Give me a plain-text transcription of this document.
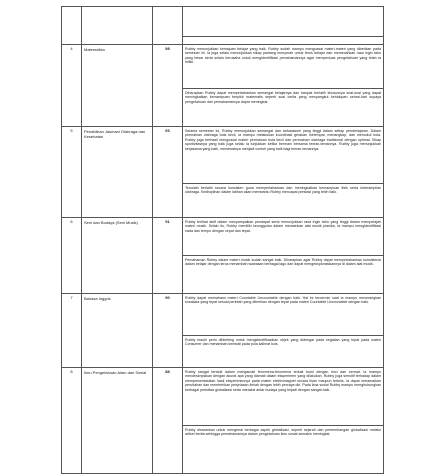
4	Matematika	98	Rubby menunjukkan kemajuan belajar yang baik. Rubby sudah mampu menguasai materi-materi yang diberikan pada semester ini. Ia juga selalu menunjukkan sikap pantang menyerah untuk terus belajar dan memecahkan rasa ingin tahu yang besar serta selalu berusaha untuk mengidentifikasi pemahamannya agar memperluas pengetahuan yang telah ia miliki.
			Diharapkan Rubby dapat mempertahankan semangat belajarnya dan banyak berlatih khususnya soal-soal yang dapat meningkatkan kemampuan berpikir matematis seperti soal cerita yang menyangkut kehidupan sehari-hari supaya pengetahuan dan pemahamannya dapat meningkat.

5	Pendidikan Jasmani Olahraga dan Kesehatan	93	Selama semester ini, Rubby menunjukkan semangat dan antusiasme yang tinggi dalam setiap pembelajaran. Dalam permainan olahraga bola kecil, ia mampu melakukan koordinasi gerakan melempar, menangkap, dan memukul bola. Rubby juga berhasil menguasai materi permainan bola kecil dan permainan olahraga tradisional dengan optimal. Sikap sportivitasnya yang baik juga selalu ia tunjukkan ketika bermain bersama teman-temannya. Rubby juga menunjukkan kerjasama yang baik, membuatnya menjadi contoh yang baik bagi teman-temannya.
			Teruslah berlatih secara konsisten guna mempertahankan dan meningkatkan kemampuan fisik serta keterampilan olahraga. Kedisiplinan dalam latihan akan membantu Rubby mencapai prestasi yang lebih baik.

6	Seni dan Budaya (Seni Musik)	91	Rubby terlihat aktif dalam menyampaikan pendapat serta menunjukkan rasa ingin tahu yang tinggi dalam mempelajari materi musik. Selain itu, Rubby memiliki keunggulan dalam memainkan alat musik pianika, ia mampu mengidentifikasi nada dan tempo dengan cepat dan tepat.
			Pemahaman Rubby dalam materi musik sudah sangat baik. Diharapkan agar Rubby dapat mempertahankan konsistensi dalam belajar dengan terus menambah wawasan berbagai lagu dan dapat mengeksplorasikannya di dalam alat musik.

7	Bahasa Inggris	90	Rubby dapat memahami materi Countable Uncountable dengan baik. Hal ini tercermin saat ia mampu menerangkan kosakata yang tepat sesuai perintah yang diberikan dengan tepat pada materi Countable Uncountable dengan baik.
			Rubby masih perlu dibimbing untuk mengidentifikasikan objek yang didengar pada kegiatan yang tepat pada materi Consumer dan menambah kembali pada pola kalimat kuis.

8	Ilmu Pengetahuan Alam dan Sosial	88	Rubby sangat tertarik dalam mengamati fenomena-fenomena terkait bumi dengan rinci dan cermat. Ia mampu mendeskripsikan dengan akurat apa yang diamati dalam eksperimen yang dilakukan. Rubby juga sensitif terhadap dalam mempresentasikan hasil eksperimennya pada materi elektromagnet secara lisan maupun tertulis. Ia dapat meramalkan perubahan dan memberikan penjelasan ilmiah dengan lebih percaya diri. Pada lima sosial Rubby mampu menghubungkan berbagai peristiwa globalisasi serta interaksi antar budaya yang terjadi dengan sangat baik.
			Rubby disarankan untuk mengenal berbagai aspek globalisasi, seperti sejarah dan perkembangan globalisasi melalui artikel berita sehingga pemahamannya dalam pengetahuan ilmu sosial semakin meningkat.
